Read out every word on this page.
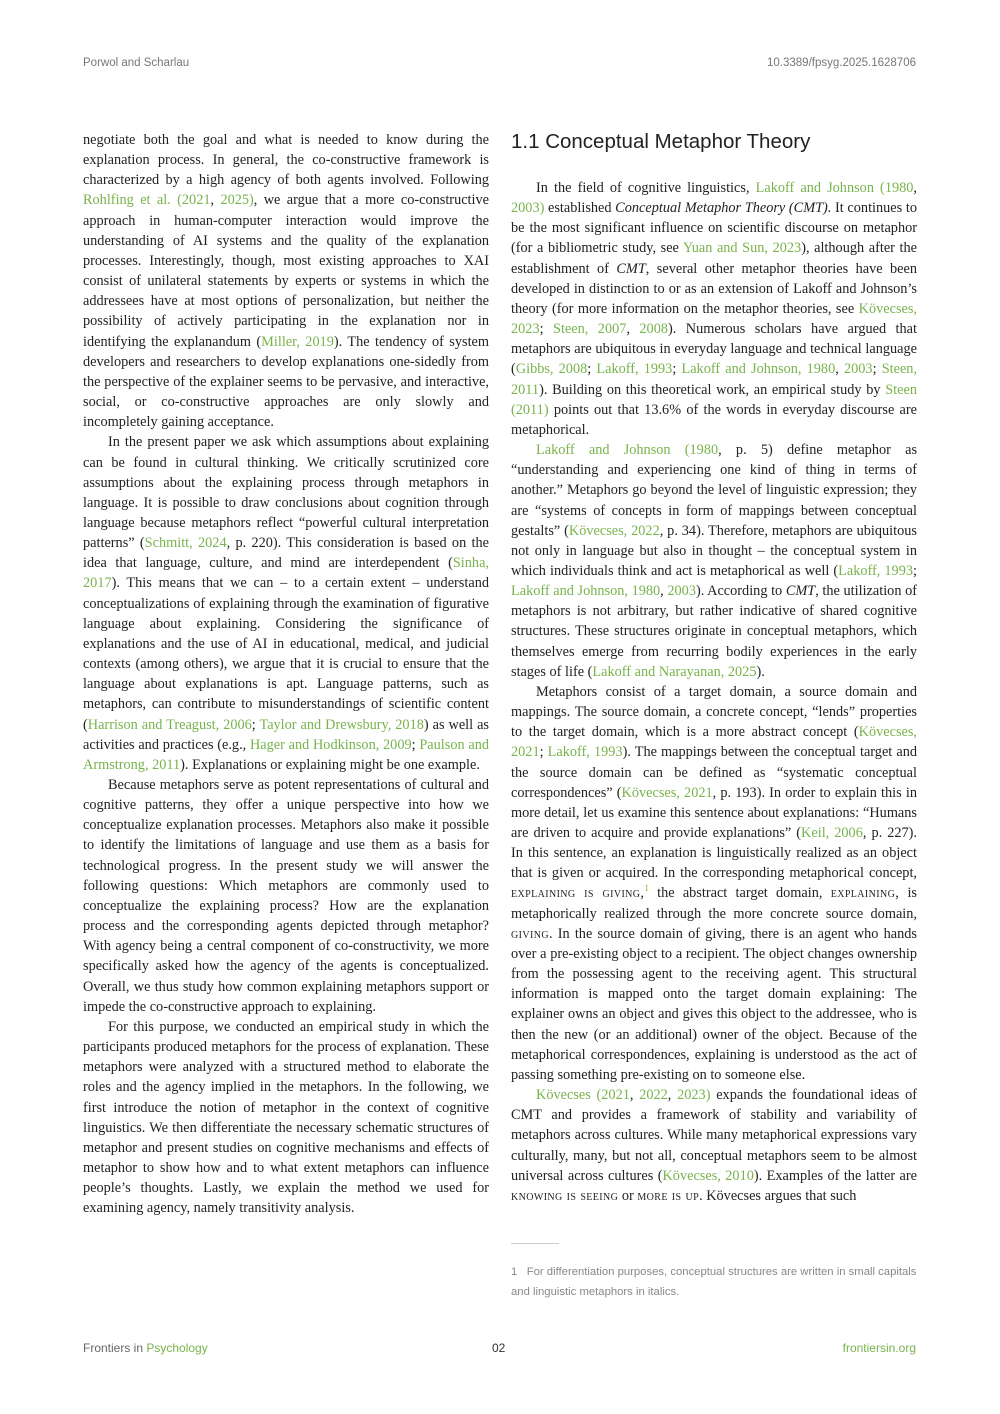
Porwol and Scharlau	10.3389/fpsyg.2025.1628706

negotiate both the goal and what is needed to know during the explanation process. In general, the co-constructive framework is characterized by a high agency of both agents involved. Following Rohlfing et al. (2021, 2025), we argue that a more co-constructive approach in human-computer interaction would improve the understanding of AI systems and the quality of the explanation processes. Interestingly, though, most existing approaches to XAI consist of unilateral statements by experts or systems in which the addressees have at most options of personalization, but neither the possibility of actively participating in the explanation nor in identifying the explanandum (Miller, 2019). The tendency of system developers and researchers to develop explanations one-sidedly from the perspective of the explainer seems to be pervasive, and interactive, social, or co-constructive approaches are only slowly and incompletely gaining acceptance.

In the present paper we ask which assumptions about explaining can be found in cultural thinking. We critically scrutinized core assumptions about the explaining process through metaphors in language. It is possible to draw conclusions about cognition through language because metaphors reflect “powerful cultural interpretation patterns” (Schmitt, 2024, p. 220). This consideration is based on the idea that language, culture, and mind are interdependent (Sinha, 2017). This means that we can – to a certain extent – understand conceptualizations of explaining through the examination of figurative language about explaining. Considering the significance of explanations and the use of AI in educational, medical, and judicial contexts (among others), we argue that it is crucial to ensure that the language about explanations is apt. Language patterns, such as metaphors, can contribute to misunderstandings of scientific content (Harrison and Treagust, 2006; Taylor and Drewsbury, 2018) as well as activities and practices (e.g., Hager and Hodkinson, 2009; Paulson and Armstrong, 2011). Explanations or explaining might be one example.

Because metaphors serve as potent representations of cultural and cognitive patterns, they offer a unique perspective into how we conceptualize explanation processes. Metaphors also make it possible to identify the limitations of language and use them as a basis for technological progress. In the present study we will answer the following questions: Which metaphors are commonly used to conceptualize the explaining process? How are the explanation process and the corresponding agents depicted through metaphor? With agency being a central component of co-constructivity, we more specifically asked how the agency of the agents is conceptualized. Overall, we thus study how common explaining metaphors support or impede the co-constructive approach to explaining.

For this purpose, we conducted an empirical study in which the participants produced metaphors for the process of explanation. These metaphors were analyzed with a structured method to elaborate the roles and the agency implied in the metaphors. In the following, we first introduce the notion of metaphor in the context of cognitive linguistics. We then differentiate the necessary schematic structures of metaphor and present studies on cognitive mechanisms and effects of metaphor to show how and to what extent metaphors can influence people’s thoughts. Lastly, we explain the method we used for examining agency, namely transitivity analysis.

1.1 Conceptual Metaphor Theory

In the field of cognitive linguistics, Lakoff and Johnson (1980, 2003) established Conceptual Metaphor Theory (CMT). It continues to be the most significant influence on scientific discourse on metaphor (for a bibliometric study, see Yuan and Sun, 2023), although after the establishment of CMT, several other metaphor theories have been developed in distinction to or as an extension of Lakoff and Johnson’s theory (for more information on the metaphor theories, see Kövecses, 2023; Steen, 2007, 2008). Numerous scholars have argued that metaphors are ubiquitous in everyday language and technical language (Gibbs, 2008; Lakoff, 1993; Lakoff and Johnson, 1980, 2003; Steen, 2011). Building on this theoretical work, an empirical study by Steen (2011) points out that 13.6% of the words in everyday discourse are metaphorical.

Lakoff and Johnson (1980, p. 5) define metaphor as “understanding and experiencing one kind of thing in terms of another.” Metaphors go beyond the level of linguistic expression; they are “systems of concepts in form of mappings between conceptual gestalts” (Kövecses, 2022, p. 34). Therefore, metaphors are ubiquitous not only in language but also in thought – the conceptual system in which individuals think and act is metaphorical as well (Lakoff, 1993; Lakoff and Johnson, 1980, 2003). According to CMT, the utilization of metaphors is not arbitrary, but rather indicative of shared cognitive structures. These structures originate in conceptual metaphors, which themselves emerge from recurring bodily experiences in the early stages of life (Lakoff and Narayanan, 2025).

Metaphors consist of a target domain, a source domain and mappings. The source domain, a concrete concept, “lends” properties to the target domain, which is a more abstract concept (Kövecses, 2021; Lakoff, 1993). The mappings between the conceptual target and the source domain can be defined as “systematic conceptual correspondences” (Kövecses, 2021, p. 193). In order to explain this in more detail, let us examine this sentence about explanations: “Humans are driven to acquire and provide explanations” (Keil, 2006, p. 227). In this sentence, an explanation is linguistically realized as an object that is given or acquired. In the corresponding metaphorical concept, explaining is giving,$^1$ the abstract target domain, explaining, is metaphorically realized through the more concrete source domain, giving. In the source domain of giving, there is an agent who hands over a pre-existing object to a recipient. The object changes ownership from the possessing agent to the receiving agent. This structural information is mapped onto the target domain explaining: The explainer owns an object and gives this object to the addressee, who is then the new (or an additional) owner of the object. Because of the metaphorical correspondences, explaining is understood as the act of passing something pre-existing on to someone else.

Kövecses (2021, 2022, 2023) expands the foundational ideas of CMT and provides a framework of stability and variability of metaphors across cultures. While many metaphorical expressions vary culturally, many, but not all, conceptual metaphors seem to be almost universal across cultures (Kövecses, 2010). Examples of the latter are knowing is seeing or more is up. Kövecses argues that such

1 For differentiation purposes, conceptual structures are written in small capitals and linguistic metaphors in italics.
Frontiers in Psychology	02	frontiersin.org
